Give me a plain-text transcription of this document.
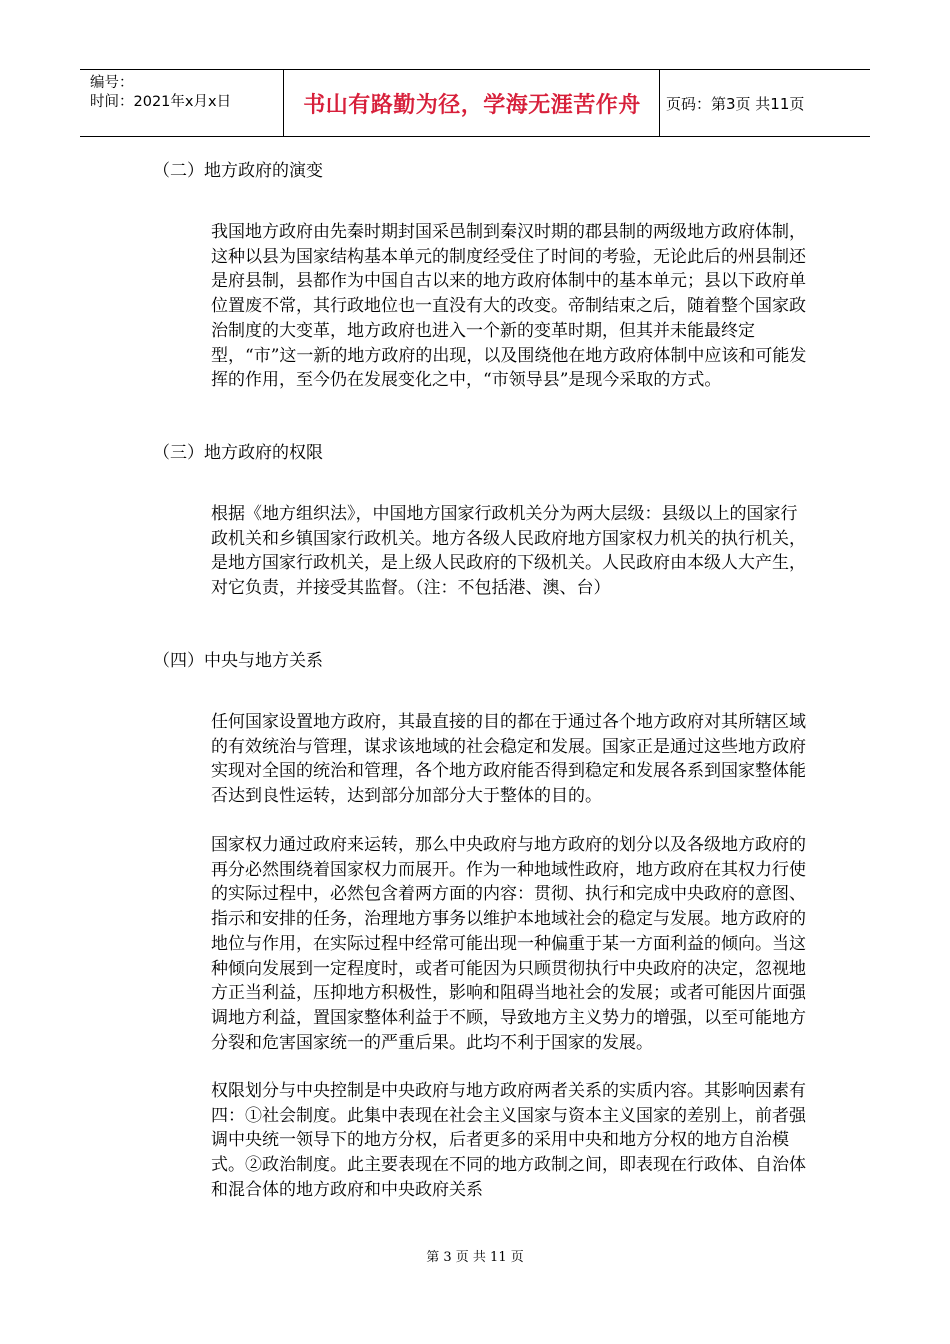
编号：
时间：2021年x月x日	书山有路勤为径，学海无涯苦作舟	页码：第3页 共11页
（二）地方政府的演变

我国地方政府由先秦时期封国采邑制到秦汉时期的郡县制的两级地方政府体制，这种以县为国家结构基本单元的制度经受住了时间的考验，无论此后的州县制还是府县制，县都作为中国自古以来的地方政府体制中的基本单元；县以下政府单位置废不常，其行政地位也一直没有大的改变。帝制结束之后，随着整个国家政治制度的大变革，地方政府也进入一个新的变革时期，但其并未能最终定型，“市”这一新的地方政府的出现，以及围绕他在地方政府体制中应该和可能发挥的作用，至今仍在发展变化之中，“市领导县”是现今采取的方式。

（三）地方政府的权限

根据《地方组织法》，中国地方国家行政机关分为两大层级：县级以上的国家行政机关和乡镇国家行政机关。地方各级人民政府地方国家权力机关的执行机关，是地方国家行政机关，是上级人民政府的下级机关。人民政府由本级人大产生，对它负责，并接受其监督。（注：不包括港、澳、台）

（四）中央与地方关系

任何国家设置地方政府，其最直接的目的都在于通过各个地方政府对其所辖区域的有效统治与管理，谋求该地域的社会稳定和发展。国家正是通过这些地方政府实现对全国的统治和管理，各个地方政府能否得到稳定和发展各系到国家整体能否达到良性运转，达到部分加部分大于整体的目的。

国家权力通过政府来运转，那么中央政府与地方政府的划分以及各级地方政府的再分必然围绕着国家权力而展开。作为一种地域性政府，地方政府在其权力行使的实际过程中，必然包含着两方面的内容：贯彻、执行和完成中央政府的意图、指示和安排的任务，治理地方事务以维护本地域社会的稳定与发展。地方政府的地位与作用，在实际过程中经常可能出现一种偏重于某一方面利益的倾向。当这种倾向发展到一定程度时，或者可能因为只顾贯彻执行中央政府的决定，忽视地方正当利益，压抑地方积极性，影响和阻碍当地社会的发展；或者可能因片面强调地方利益，置国家整体利益于不顾，导致地方主义势力的增强，以至可能地方分裂和危害国家统一的严重后果。此均不利于国家的发展。

权限划分与中央控制是中央政府与地方政府两者关系的实质内容。其影响因素有四：①社会制度。此集中表现在社会主义国家与资本主义国家的差别上，前者强调中央统一领导下的地方分权，后者更多的采用中央和地方分权的地方自治模式。②政治制度。此主要表现在不同的地方政制之间，即表现在行政体、自治体和混合体的地方政府和中央政府关系

第 3 页 共 11 页
